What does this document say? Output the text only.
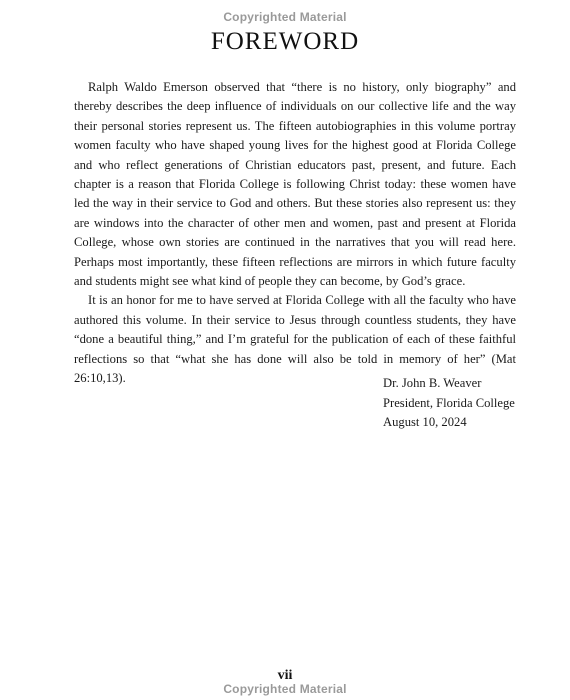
Copyrighted Material
FOREWORD

Ralph Waldo Emerson observed that “there is no history, only biography” and thereby describes the deep influence of individuals on our collective life and the way their personal stories represent us. The fifteen autobiographies in this volume portray women faculty who have shaped young lives for the highest good at Florida College and who reflect generations of Christian educators past, present, and future. Each chapter is a reason that Florida College is following Christ today: these women have led the way in their service to God and others. But these stories also represent us: they are windows into the character of other men and women, past and present at Florida College, whose own stories are continued in the narratives that you will read here. Perhaps most importantly, these fifteen reflections are mirrors in which future faculty and students might see what kind of people they can become, by God’s grace.

It is an honor for me to have served at Florida College with all the faculty who have authored this volume. In their service to Jesus through countless students, they have “done a beautiful thing,” and I’m grateful for the publication of each of these faithful reflections so that “what she has done will also be told in memory of her” (Mat 26:10,13).	Dr. John B. Weaver
President, Florida College
August 10, 2024
vii
Copyrighted Material
